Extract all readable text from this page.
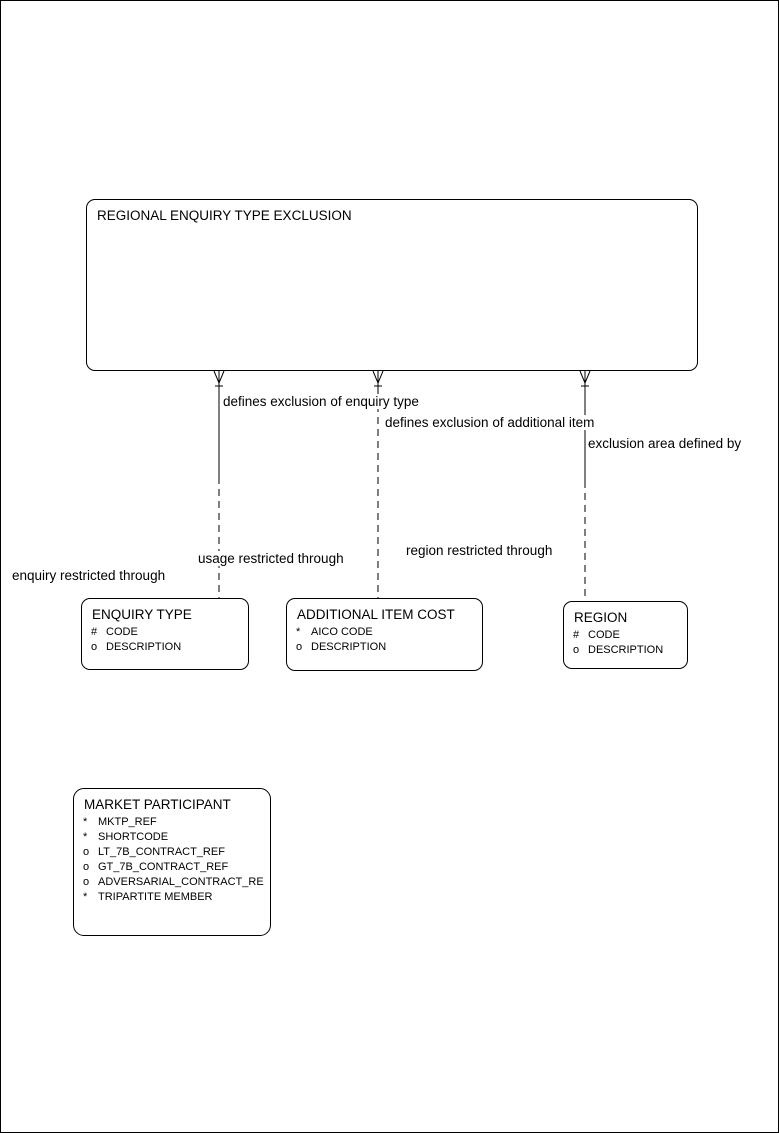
REGIONAL ENQUIRY TYPE EXCLUSION
defines exclusion of enquiry type
defines exclusion of additional item
exclusion area defined by
enquiry restricted through
usage restricted through
region restricted through
ENQUIRY TYPE
# CODE
o DESCRIPTION
ADDITIONAL ITEM COST
* AICO CODE
o DESCRIPTION
REGION
# CODE
o DESCRIPTION
MARKET PARTICIPANT
* MKTP_REF
* SHORTCODE
o LT_7B_CONTRACT_REF
o GT_7B_CONTRACT_REF
o ADVERSARIAL_CONTRACT_RE
* TRIPARTITE MEMBER
